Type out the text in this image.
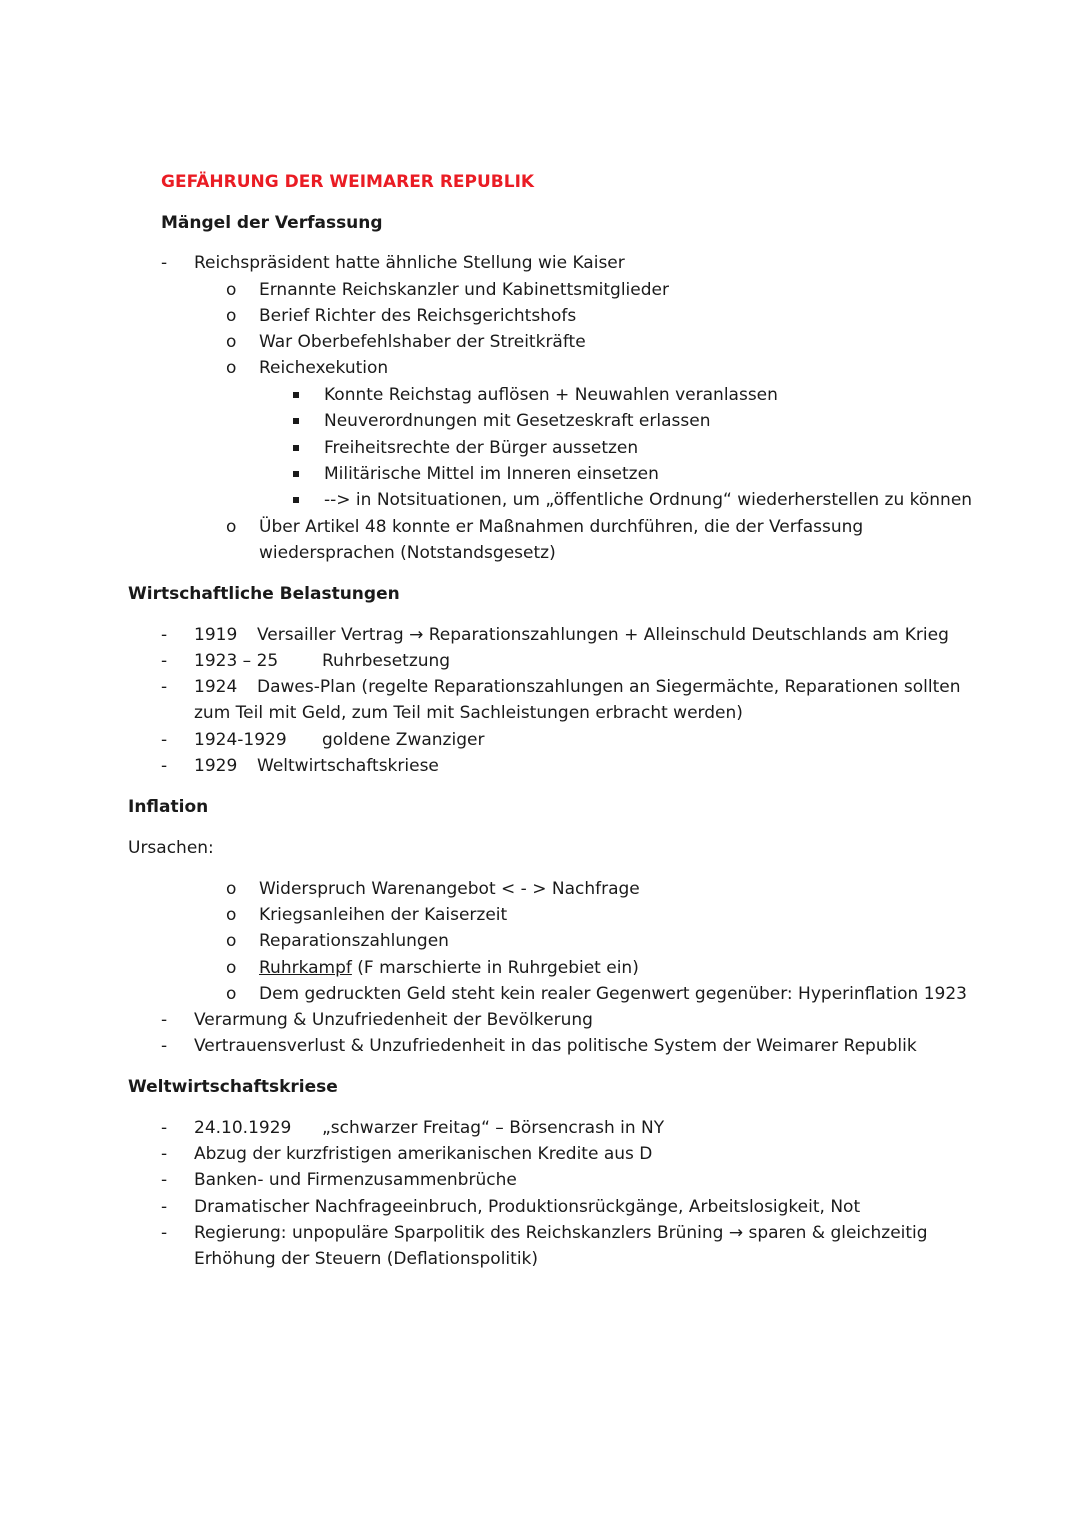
GEFÄHRUNG DER WEIMARER REPUBLIK
Mängel der Verfassung
- Reichspräsident hatte ähnliche Stellung wie Kaiser
o Ernannte Reichskanzler und Kabinettsmitglieder
o Berief Richter des Reichsgerichtshofs
o War Oberbefehlshaber der Streitkräfte
o Reichexekution
Konnte Reichstag auflösen + Neuwahlen veranlassen
Neuverordnungen mit Gesetzeskraft erlassen
Freiheitsrechte der Bürger aussetzen
Militärische Mittel im Inneren einsetzen
--> in Notsituationen, um „öffentliche Ordnung“ wiederherstellen zu können
o Über Artikel 48 konnte er Maßnahmen durchführen, die der Verfassung
wiedersprachen (Notstandsgesetz)
Wirtschaftliche Belastungen
- 1919 Versailler Vertrag → Reparationszahlungen + Alleinschuld Deutschlands am Krieg
- 1923 – 25	Ruhrbesetzung
- 1924 Dawes-Plan (regelte Reparationszahlungen an Siegermächte, Reparationen sollten
zum Teil mit Geld, zum Teil mit Sachleistungen erbracht werden)
- 1924-1929 goldene Zwanziger
- 1929 Weltwirtschaftskriese
Inflation
Ursachen:
o Widerspruch Warenangebot < - > Nachfrage
o Kriegsanleihen der Kaiserzeit
o Reparationszahlungen
o Ruhrkampf (F marschierte in Ruhrgebiet ein)
o Dem gedruckten Geld steht kein realer Gegenwert gegenüber: Hyperinflation 1923
- Verarmung & Unzufriedenheit der Bevölkerung
- Vertrauensverlust & Unzufriedenheit in das politische System der Weimarer Republik
Weltwirtschaftskriese
- 24.10.1929 „schwarzer Freitag“ – Börsencrash in NY
- Abzug der kurzfristigen amerikanischen Kredite aus D
- Banken- und Firmenzusammenbrüche
- Dramatischer Nachfrageeinbruch, Produktionsrückgänge, Arbeitslosigkeit, Not
- Regierung: unpopuläre Sparpolitik des Reichskanzlers Brüning → sparen & gleichzeitig
Erhöhung der Steuern (Deflationspolitik)
